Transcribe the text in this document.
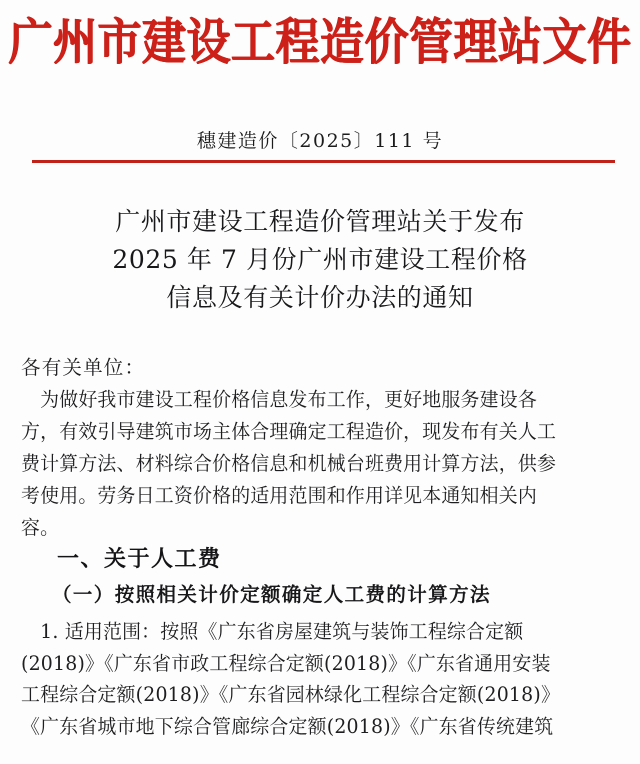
广州市建设工程造价管理站文件
穗建造价〔2025〕111 号
广州市建设工程造价管理站关于发布
2025 年 7 月份广州市建设工程价格
信息及有关计价办法的通知
各有关单位：
　为做好我市建设工程价格信息发布工作，更好地服务建设各
方，有效引导建筑市场主体合理确定工程造价，现发布有关人工
费计算方法、材料综合价格信息和机械台班费用计算方法，供参
考使用。劳务日工资价格的适用范围和作用详见本通知相关内
容。
一、关于人工费
（一）按照相关计价定额确定人工费的计算方法
　1. 适用范围：按照《广东省房屋建筑与装饰工程综合定额
(2018)》《广东省市政工程综合定额(2018)》《广东省通用安装
工程综合定额(2018)》《广东省园林绿化工程综合定额(2018)》
《广东省城市地下综合管廊综合定额(2018)》《广东省传统建筑
